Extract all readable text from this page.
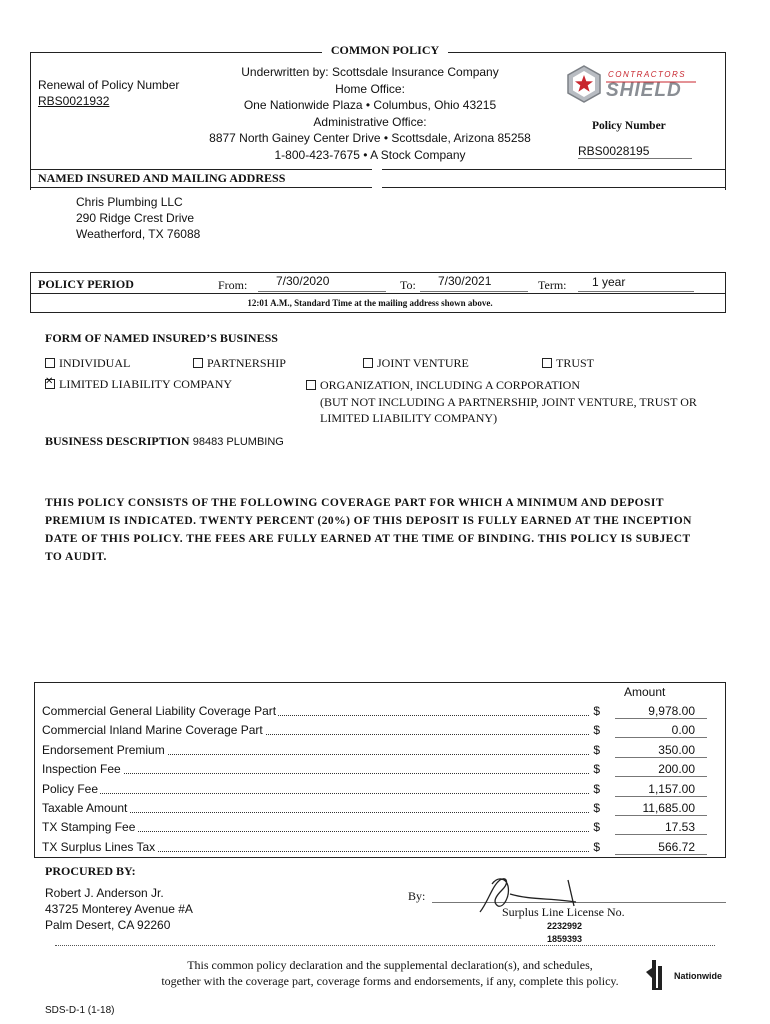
COMMON POLICY
Renewal of Policy Number
RBS0021932
Underwritten by: Scottsdale Insurance Company
Home Office:
One Nationwide Plaza • Columbus, Ohio 43215
Administrative Office:
8877 North Gainey Center Drive • Scottsdale, Arizona 85258
1-800-423-7675 • A Stock Company
CONTRACTORS
SHIELD
Policy Number
RBS0028195
NAMED INSURED AND MAILING ADDRESS
Chris Plumbing LLC
290 Ridge Crest Drive
Weatherford, TX 76088
POLICY PERIOD	From: 7/30/2020	To: 7/30/2021	Term: 1 year
12:01 A.M., Standard Time at the mailing address shown above.
FORM OF NAMED INSURED’S BUSINESS
INDIVIDUAL	PARTNERSHIP	JOINT VENTURE	TRUST
✕LIMITED LIABILITY COMPANY	ORGANIZATION, INCLUDING A CORPORATION
(BUT NOT INCLUDING A PARTNERSHIP, JOINT VENTURE, TRUST OR
LIMITED LIABILITY COMPANY)
BUSINESS DESCRIPTION 98483 PLUMBING
THIS POLICY CONSISTS OF THE FOLLOWING COVERAGE PART FOR WHICH A MINIMUM AND DEPOSIT
PREMIUM IS INDICATED. TWENTY PERCENT (20%) OF THIS DEPOSIT IS FULLY EARNED AT THE INCEPTION
DATE OF THIS POLICY. THE FEES ARE FULLY EARNED AT THE TIME OF BINDING. THIS POLICY IS SUBJECT
TO AUDIT.
Amount
Commercial General Liability Coverage Part	$	9,978.00
Commercial Inland Marine Coverage Part	$	0.00
Endorsement Premium	$	350.00
Inspection Fee	$	200.00
Policy Fee	$	1,157.00
Taxable Amount	$	11,685.00
TX Stamping Fee	$	17.53
TX Surplus Lines Tax	$	566.72
PROCURED BY:
Robert J. Anderson Jr.
43725 Monterey Avenue #A
Palm Desert, CA 92260
By:
Surplus Line License No.
2232992
1859393
This common policy declaration and the supplemental declaration(s), and schedules,
together with the coverage part, coverage forms and endorsements, if any, complete this policy.	Nationwide
SDS-D-1 (1-18)
